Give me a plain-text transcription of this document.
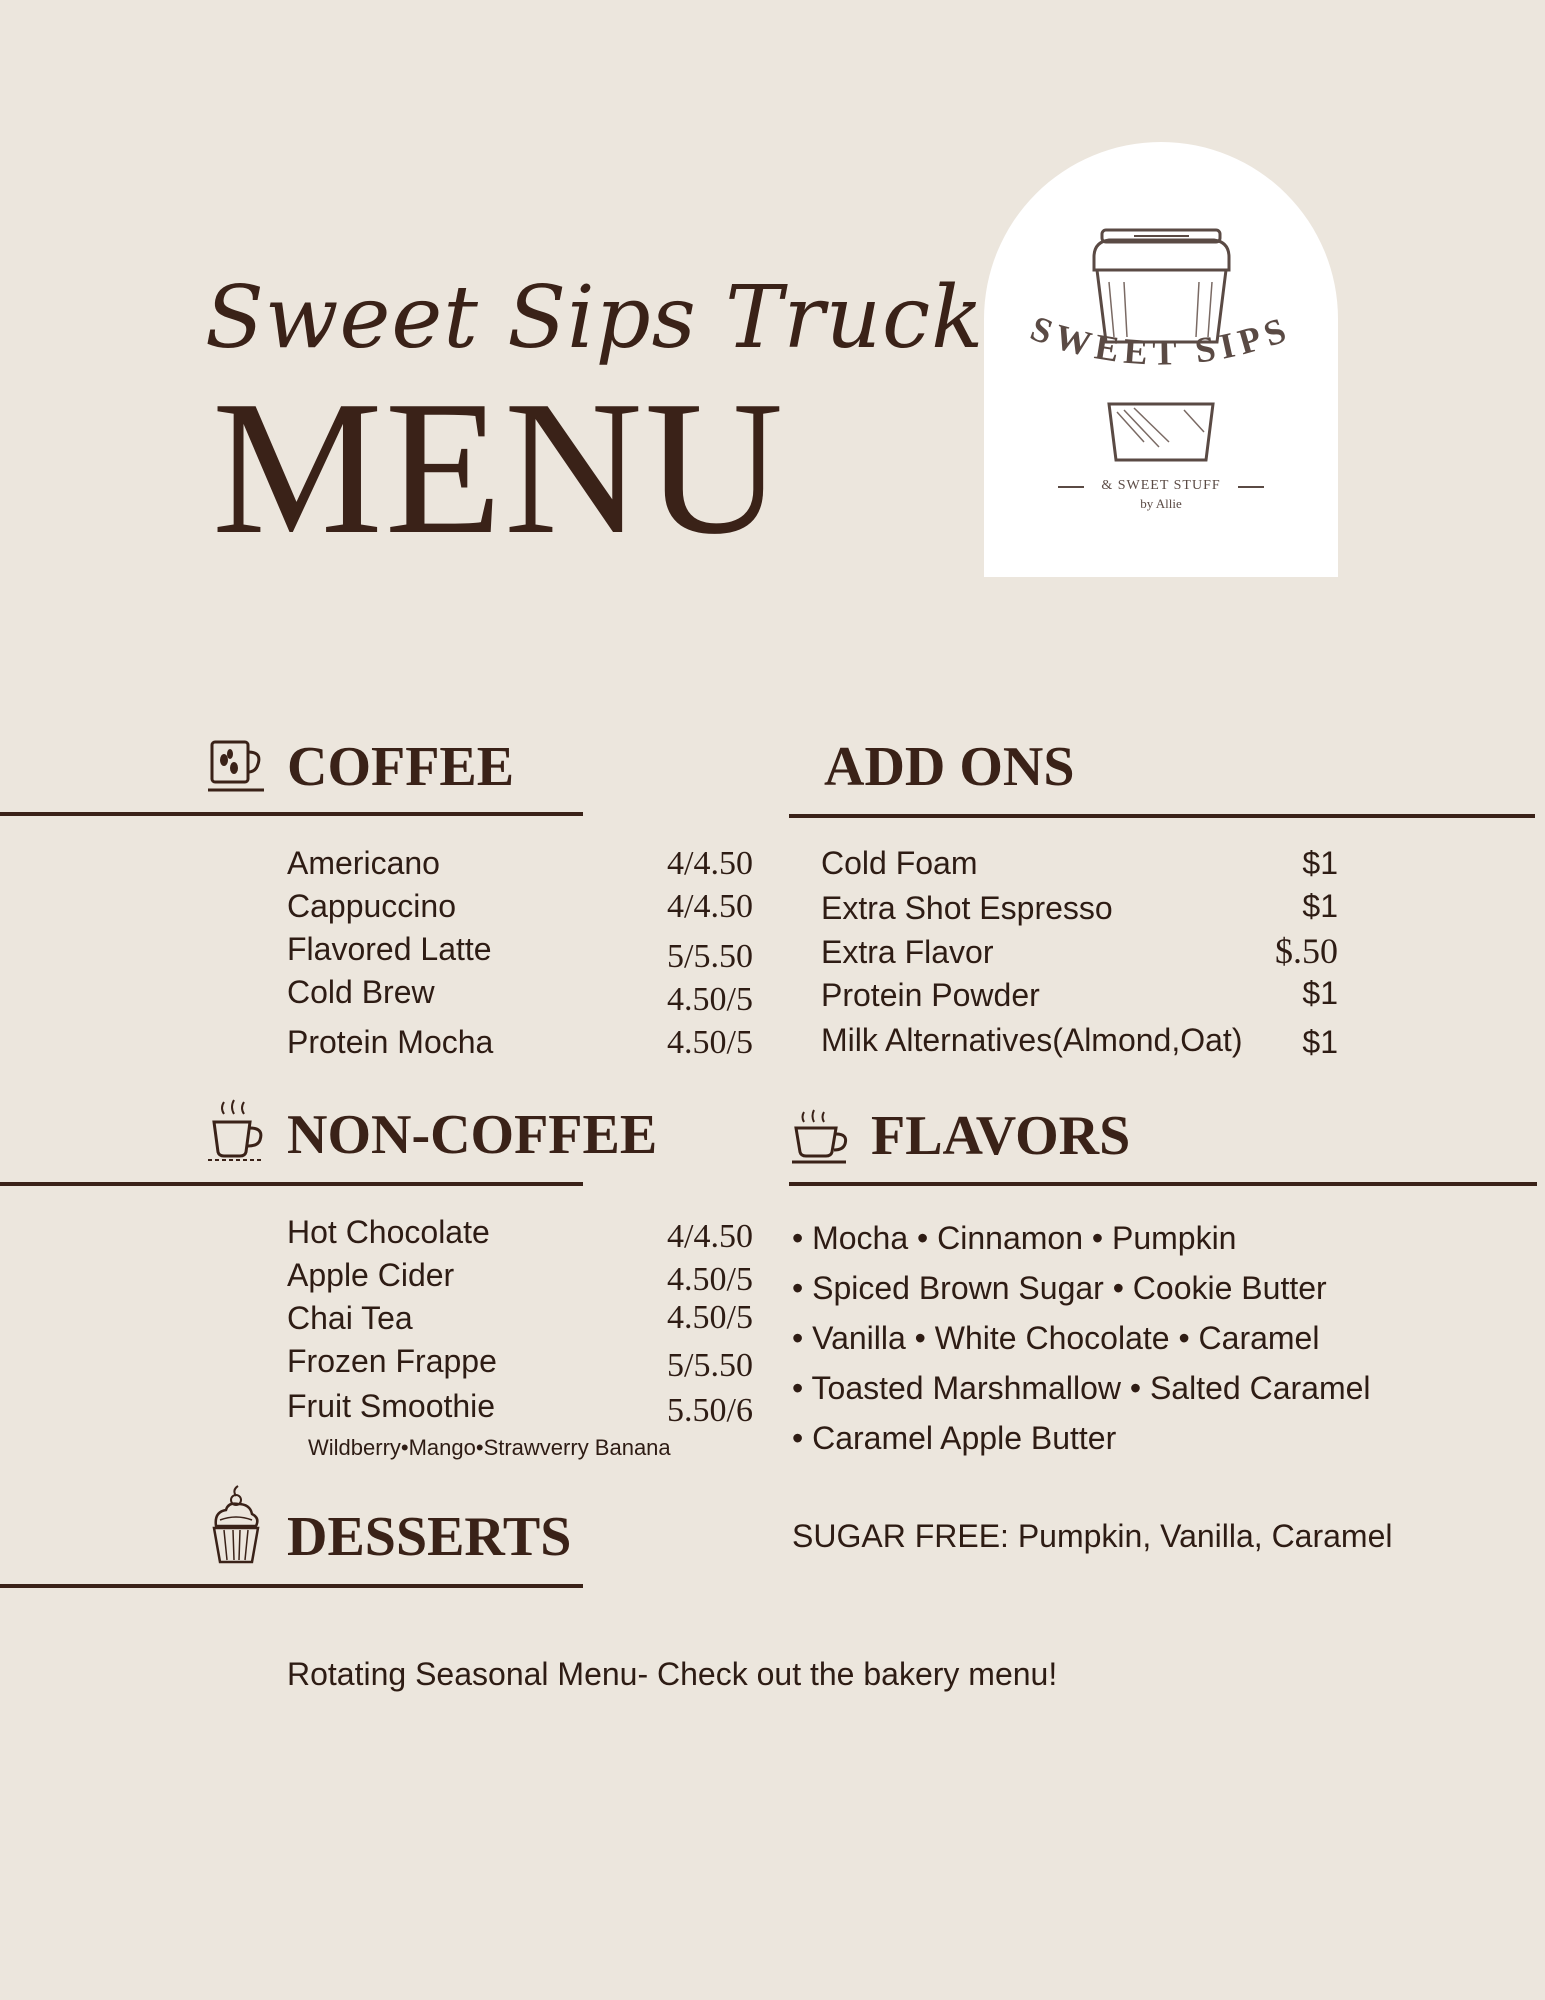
Sweet Sips Truck
MENU
SWEET SIPS
& SWEET STUFF
by Allie
COFFEE
Americano	4/4.50
Cappuccino	4/4.50
Flavored Latte	5/5.50
Cold Brew	4.50/5
Protein Mocha	4.50/5
ADD ONS
Cold Foam	$1
Extra Shot Espresso	$1
Extra Flavor	$.50
Protein Powder	$1
Milk Alternatives(Almond,Oat) $1
NON-COFFEE
Hot Chocolate	4/4.50
Apple Cider	4.50/5
Chai Tea	4.50/5
Frozen Frappe	5/5.50
Fruit Smoothie	5.50/6
Wildberry•Mango•Strawverry Banana
FLAVORS
• Mocha • Cinnamon • Pumpkin
• Spiced Brown Sugar • Cookie Butter
• Vanilla • White Chocolate • Caramel
• Toasted Marshmallow • Salted Caramel
• Caramel Apple Butter
SUGAR FREE: Pumpkin, Vanilla, Caramel
DESSERTS
Rotating Seasonal Menu- Check out the bakery menu!
